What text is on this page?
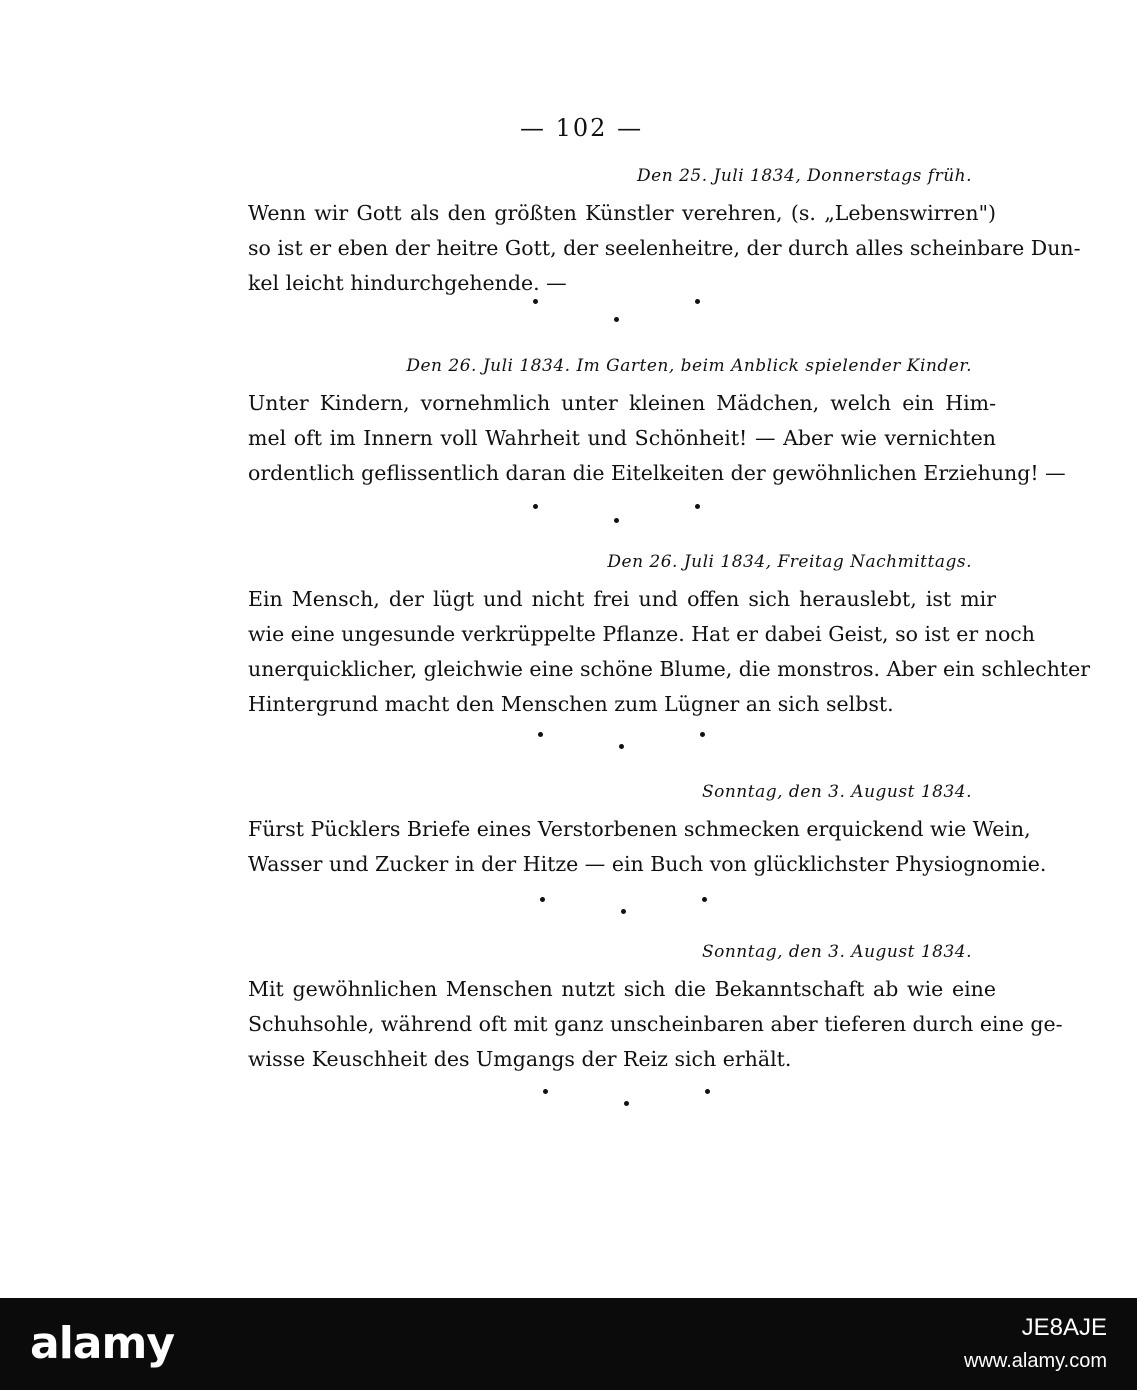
— 102 —
Den 25. Juli 1834, Donnerstags früh.
Wenn wir Gott als den größten Künstler verehren, (s. „Lebenswirren")
so ist er eben der heitre Gott, der seelenheitre, der durch alles scheinbare Dun-
kel leicht hindurchgehende. —
Den 26. Juli 1834. Im Garten, beim Anblick spielender Kinder.
Unter Kindern, vornehmlich unter kleinen Mädchen, welch ein Him-
mel oft im Innern voll Wahrheit und Schönheit! — Aber wie vernichten
ordentlich geflissentlich daran die Eitelkeiten der gewöhnlichen Erziehung! —
Den 26. Juli 1834, Freitag Nachmittags.
Ein Mensch, der lügt und nicht frei und offen sich herauslebt, ist mir
wie eine ungesunde verkrüppelte Pflanze. Hat er dabei Geist, so ist er noch
unerquicklicher, gleichwie eine schöne Blume, die monstros. Aber ein schlechter
Hintergrund macht den Menschen zum Lügner an sich selbst.
Sonntag, den 3. August 1834.
Fürst Pücklers Briefe eines Verstorbenen schmecken erquickend wie Wein,
Wasser und Zucker in der Hitze — ein Buch von glücklichster Physiognomie.
Sonntag, den 3. August 1834.
Mit gewöhnlichen Menschen nutzt sich die Bekanntschaft ab wie eine
Schuhsohle, während oft mit ganz unscheinbaren aber tieferen durch eine ge-
wisse Keuschheit des Umgangs der Reiz sich erhält.
alamy	JE8AJE
www.alamy.com
